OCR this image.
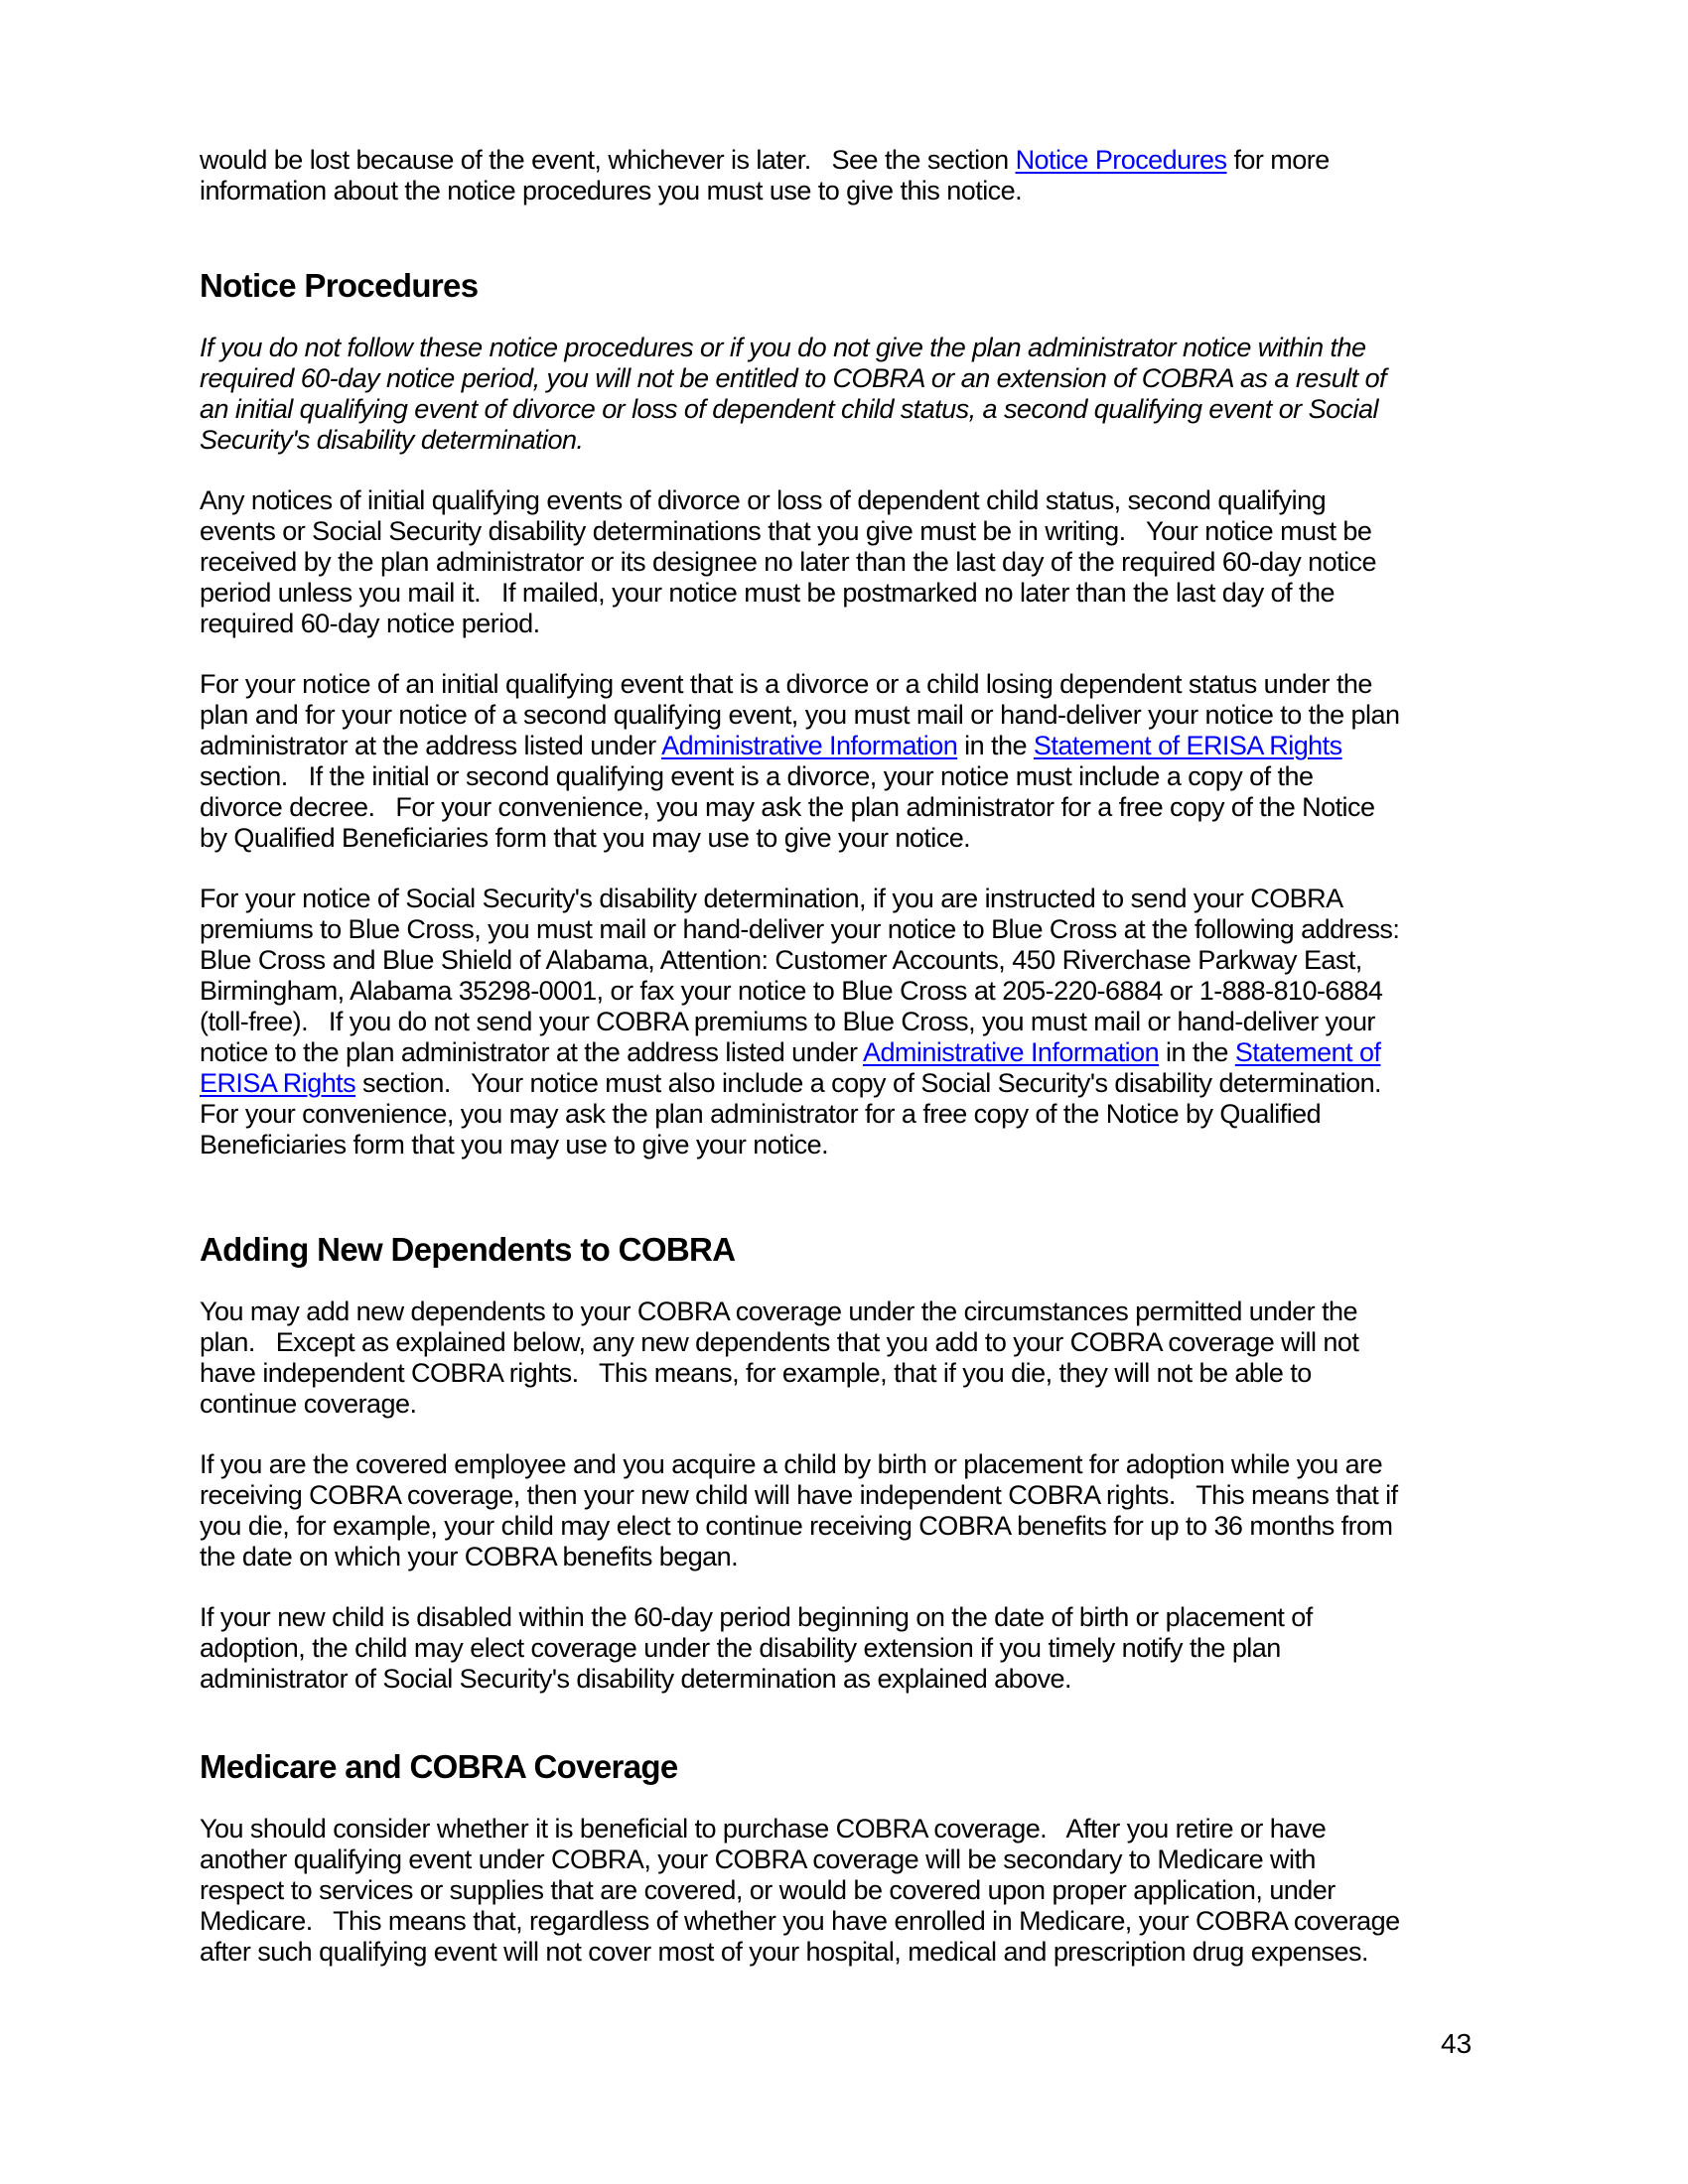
would be lost because of the event, whichever is later.   See the section Notice Procedures for more
information about the notice procedures you must use to give this notice.

Notice Procedures

If you do not follow these notice procedures or if you do not give the plan administrator notice within the
required 60-day notice period, you will not be entitled to COBRA or an extension of COBRA as a result of
an initial qualifying event of divorce or loss of dependent child status, a second qualifying event or Social
Security's disability determination.

Any notices of initial qualifying events of divorce or loss of dependent child status, second qualifying
events or Social Security disability determinations that you give must be in writing.   Your notice must be
received by the plan administrator or its designee no later than the last day of the required 60-day notice
period unless you mail it.   If mailed, your notice must be postmarked no later than the last day of the
required 60-day notice period.

For your notice of an initial qualifying event that is a divorce or a child losing dependent status under the
plan and for your notice of a second qualifying event, you must mail or hand-deliver your notice to the plan
administrator at the address listed under Administrative Information in the Statement of ERISA Rights
section.   If the initial or second qualifying event is a divorce, your notice must include a copy of the
divorce decree.   For your convenience, you may ask the plan administrator for a free copy of the Notice
by Qualified Beneficiaries form that you may use to give your notice.

For your notice of Social Security's disability determination, if you are instructed to send your COBRA
premiums to Blue Cross, you must mail or hand-deliver your notice to Blue Cross at the following address:
Blue Cross and Blue Shield of Alabama, Attention: Customer Accounts, 450 Riverchase Parkway East,
Birmingham, Alabama 35298-0001, or fax your notice to Blue Cross at 205-220-6884 or 1-888-810-6884
(toll-free).   If you do not send your COBRA premiums to Blue Cross, you must mail or hand-deliver your
notice to the plan administrator at the address listed under Administrative Information in the Statement of
ERISA Rights section.   Your notice must also include a copy of Social Security's disability determination.
For your convenience, you may ask the plan administrator for a free copy of the Notice by Qualified
Beneficiaries form that you may use to give your notice.

Adding New Dependents to COBRA

You may add new dependents to your COBRA coverage under the circumstances permitted under the
plan.   Except as explained below, any new dependents that you add to your COBRA coverage will not
have independent COBRA rights.   This means, for example, that if you die, they will not be able to
continue coverage.

If you are the covered employee and you acquire a child by birth or placement for adoption while you are
receiving COBRA coverage, then your new child will have independent COBRA rights.   This means that if
you die, for example, your child may elect to continue receiving COBRA benefits for up to 36 months from
the date on which your COBRA benefits began.

If your new child is disabled within the 60-day period beginning on the date of birth or placement of
adoption, the child may elect coverage under the disability extension if you timely notify the plan
administrator of Social Security's disability determination as explained above.

Medicare and COBRA Coverage

You should consider whether it is beneficial to purchase COBRA coverage.   After you retire or have
another qualifying event under COBRA, your COBRA coverage will be secondary to Medicare with
respect to services or supplies that are covered, or would be covered upon proper application, under
Medicare.   This means that, regardless of whether you have enrolled in Medicare, your COBRA coverage
after such qualifying event will not cover most of your hospital, medical and prescription drug expenses.

43
